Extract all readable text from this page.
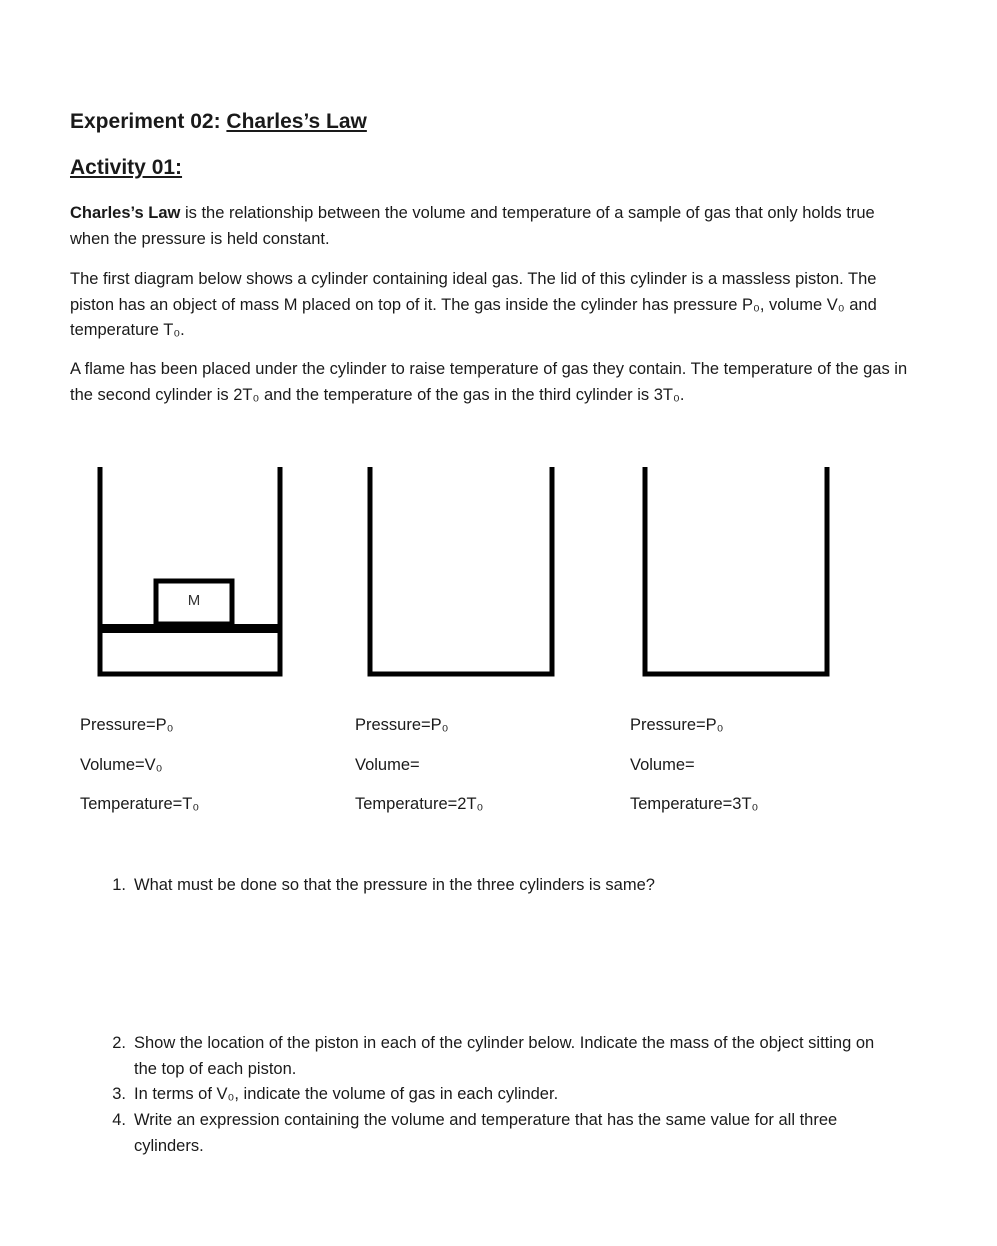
Experiment 02: Charles’s Law
Activity 01:
Charles’s Law is the relationship between the volume and temperature of a sample of gas that only holds true when the pressure is held constant.
The first diagram below shows a cylinder containing ideal gas. The lid of this cylinder is a massless piston. The piston has an object of mass M placed on top of it. The gas inside the cylinder has pressure P₀, volume V₀ and temperature T₀.
A flame has been placed under the cylinder to raise temperature of gas they contain. The temperature of the gas in the second cylinder is 2T₀ and the temperature of the gas in the third cylinder is 3T₀.
M
Pressure=P₀
Volume=V₀
Temperature=T₀
Pressure=P₀
Volume=
Temperature=2T₀
Pressure=P₀
Volume=
Temperature=3T₀
1. What must be done so that the pressure in the three cylinders is same?
2. Show the location of the piston in each of the cylinder below. Indicate the mass of the object sitting on the top of each piston.
3. In terms of V₀, indicate the volume of gas in each cylinder.
4. Write an expression containing the volume and temperature that has the same value for all three cylinders.
